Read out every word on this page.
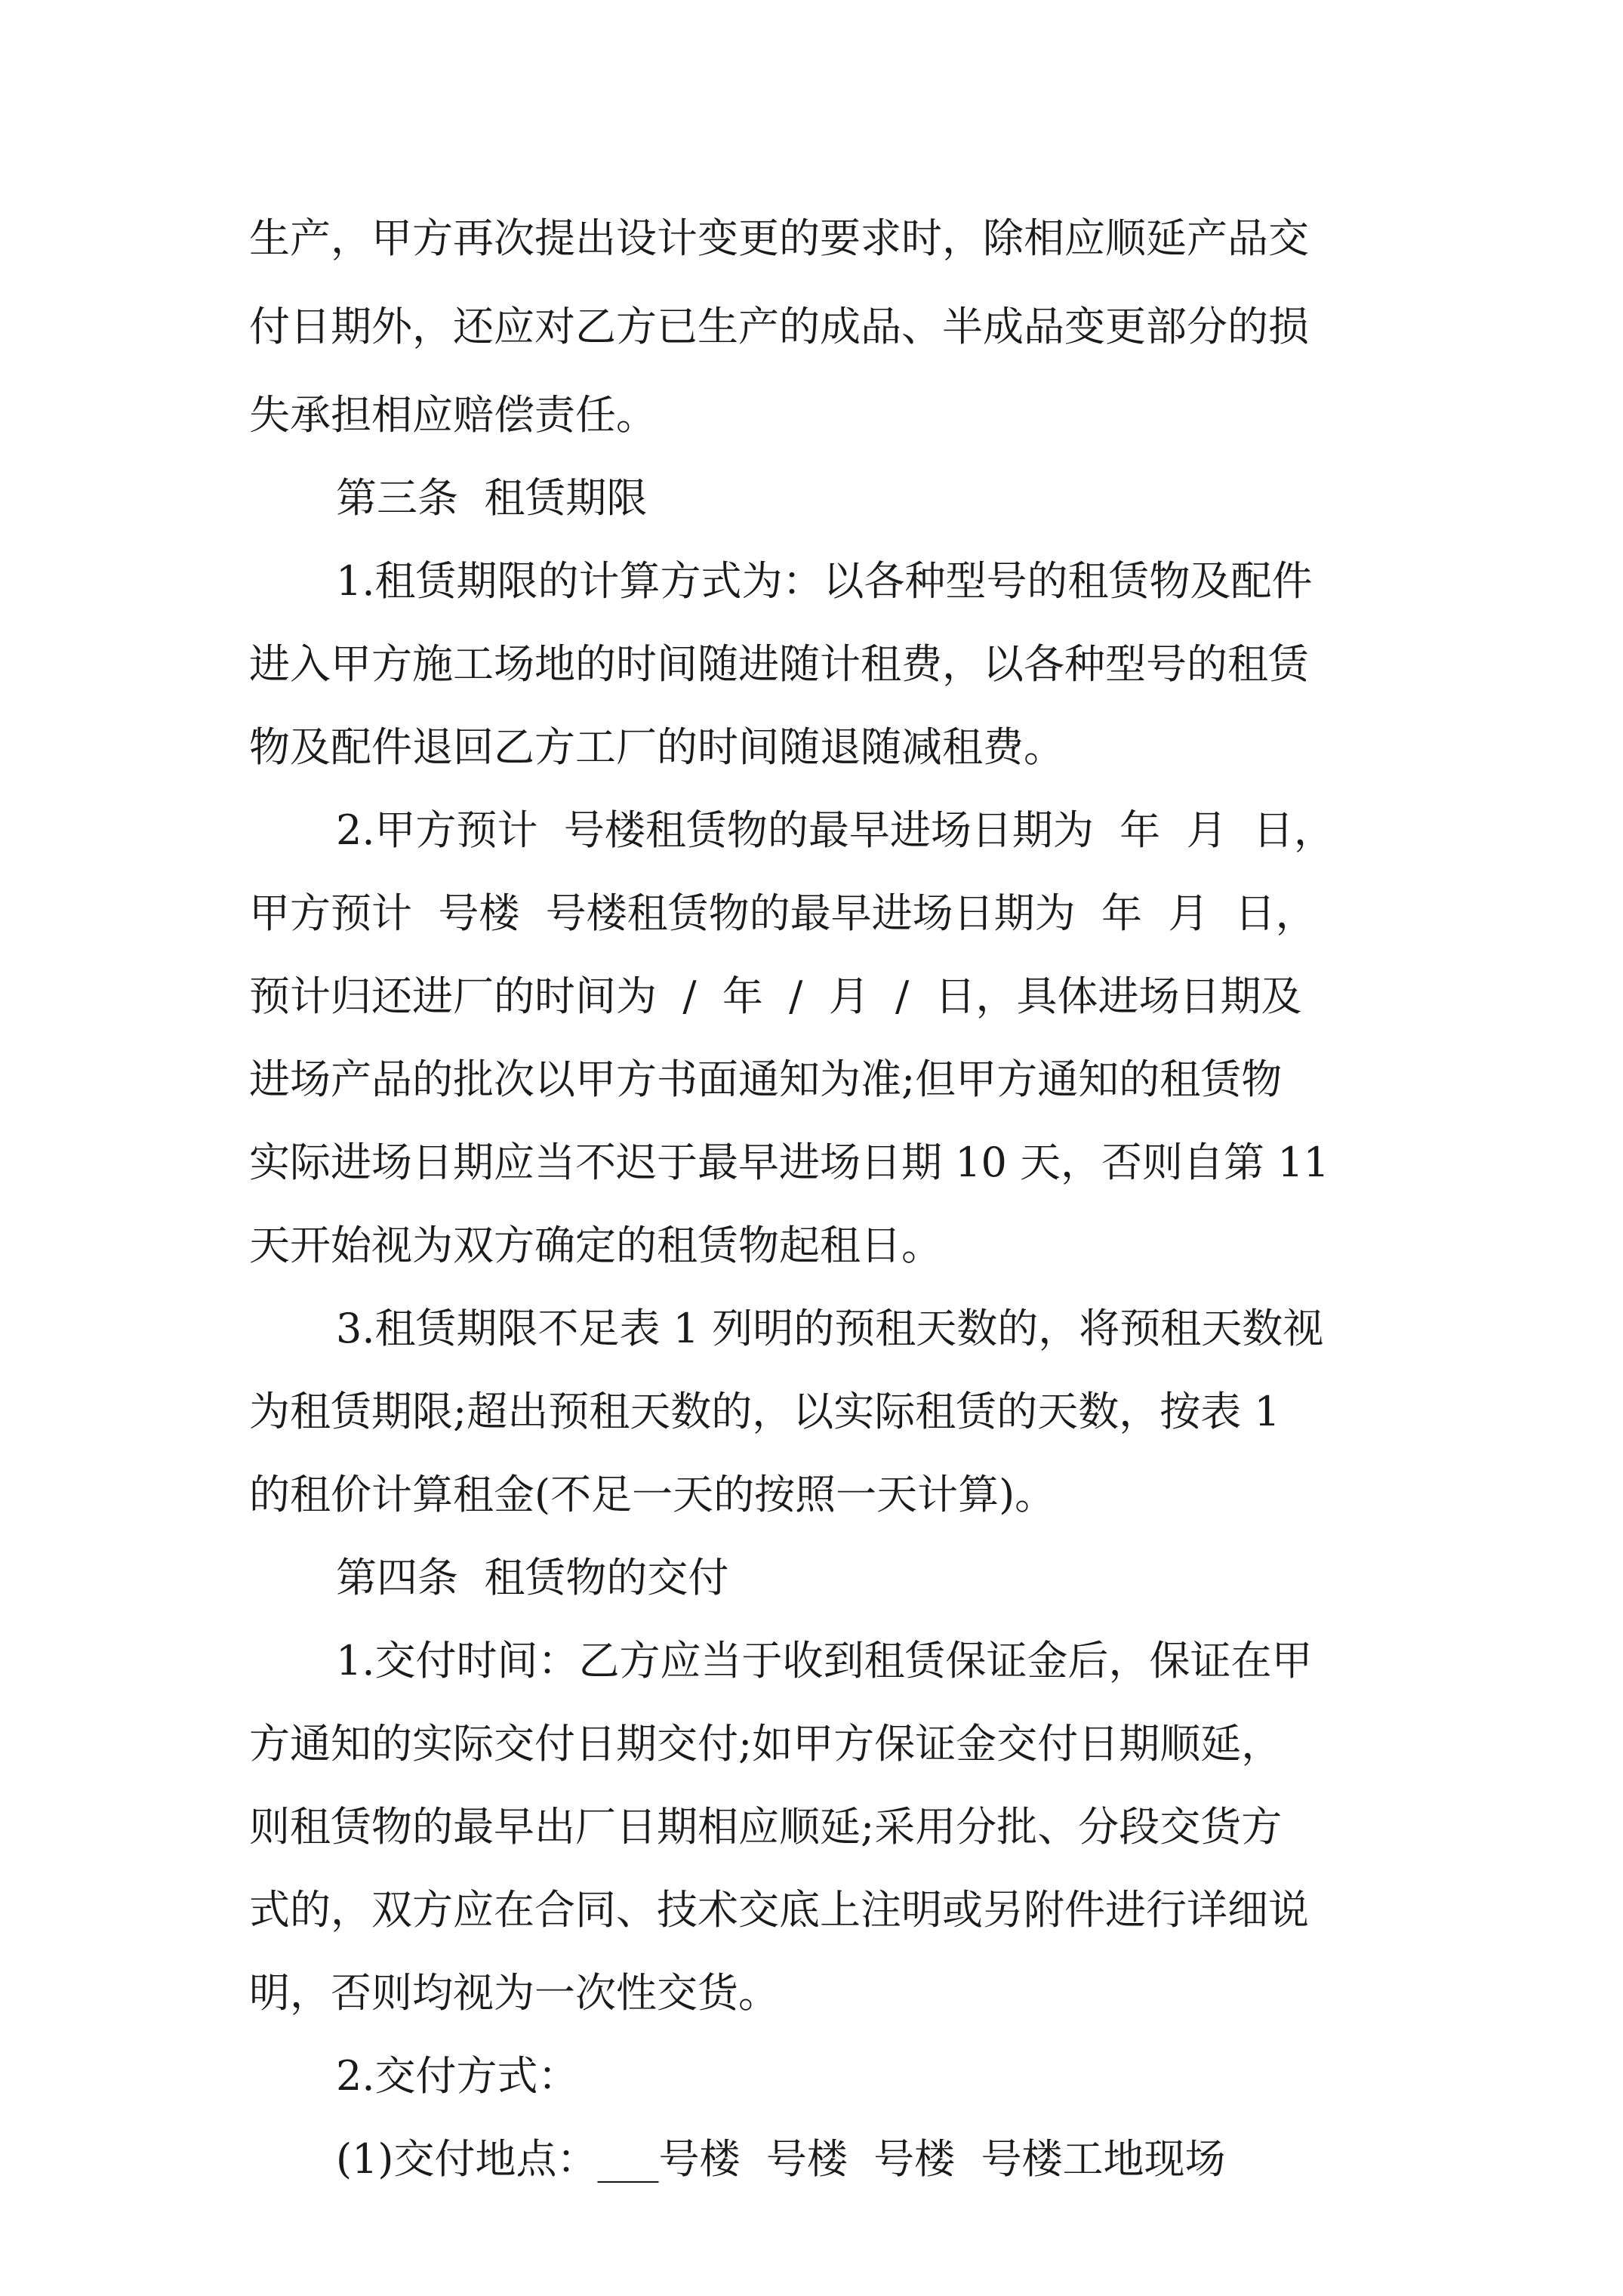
生产，甲方再次提出设计变更的要求时，除相应顺延产品交
付日期外，还应对乙方已生产的成品、半成品变更部分的损
失承担相应赔偿责任。
第三条  租赁期限
1.租赁期限的计算方式为：以各种型号的租赁物及配件
进入甲方施工场地的时间随进随计租费，以各种型号的租赁
物及配件退回乙方工厂的时间随退随减租费。
2.甲方预计  号楼租赁物的最早进场日期为  年  月  日，
甲方预计  号楼  号楼租赁物的最早进场日期为  年  月  日，
预计归还进厂的时间为  /  年  /  月  /  日，具体进场日期及
进场产品的批次以甲方书面通知为准;但甲方通知的租赁物
实际进场日期应当不迟于最早进场日期 10 天，否则自第 11
天开始视为双方确定的租赁物起租日。
3.租赁期限不足表 1 列明的预租天数的，将预租天数视
为租赁期限;超出预租天数的，以实际租赁的天数，按表 1
的租价计算租金(不足一天的按照一天计算)。
第四条  租赁物的交付
1.交付时间：乙方应当于收到租赁保证金后，保证在甲
方通知的实际交付日期交付;如甲方保证金交付日期顺延，
则租赁物的最早出厂日期相应顺延;采用分批、分段交货方
式的，双方应在合同、技术交底上注明或另附件进行详细说
明，否则均视为一次性交货。
2.交付方式：
(1)交付地点：___号楼  号楼  号楼  号楼工地现场
